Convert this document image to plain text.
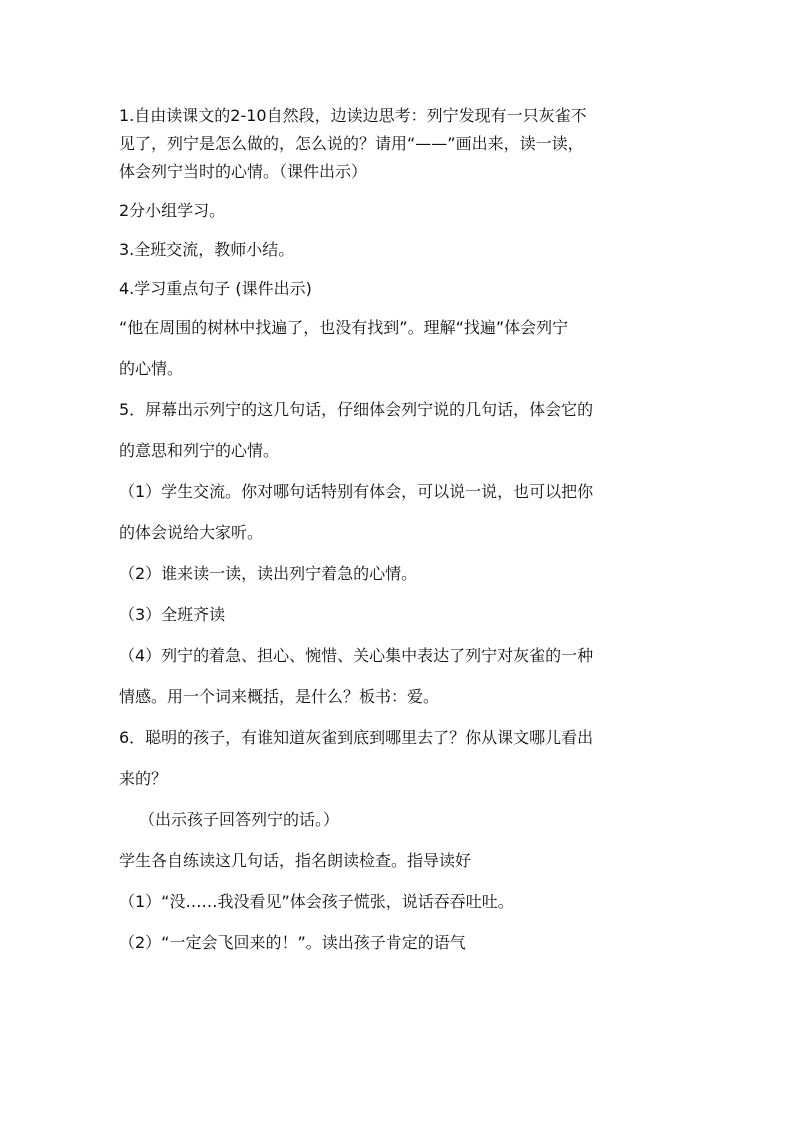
1.自由读课文的2-10自然段，边读边思考：列宁发现有一只灰雀不

见了，列宁是怎么做的，怎么说的？请用“——”画出来，读一读，

体会列宁当时的心情。（课件出示）

2分小组学习。

3.全班交流，教师小结。

4.学习重点句子 (课件出示)

“他在周围的树林中找遍了，也没有找到”。理解“找遍”体会列宁

的心情。

5．屏幕出示列宁的这几句话，仔细体会列宁说的几句话，体会它的

的意思和列宁的心情。

（1）学生交流。你对哪句话特别有体会，可以说一说，也可以把你

的体会说给大家听。

（2）谁来读一读，读出列宁着急的心情。

（3）全班齐读

（4）列宁的着急、担心、惋惜、关心集中表达了列宁对灰雀的一种

情感。用一个词来概括，是什么？板书：爱。

6．聪明的孩子，有谁知道灰雀到底到哪里去了？你从课文哪儿看出

来的？

（出示孩子回答列宁的话。）

学生各自练读这几句话，指名朗读检查。指导读好

（1）“没……我没看见”体会孩子慌张，说话吞吞吐吐。

（2）“一定会飞回来的！”。读出孩子肯定的语气
